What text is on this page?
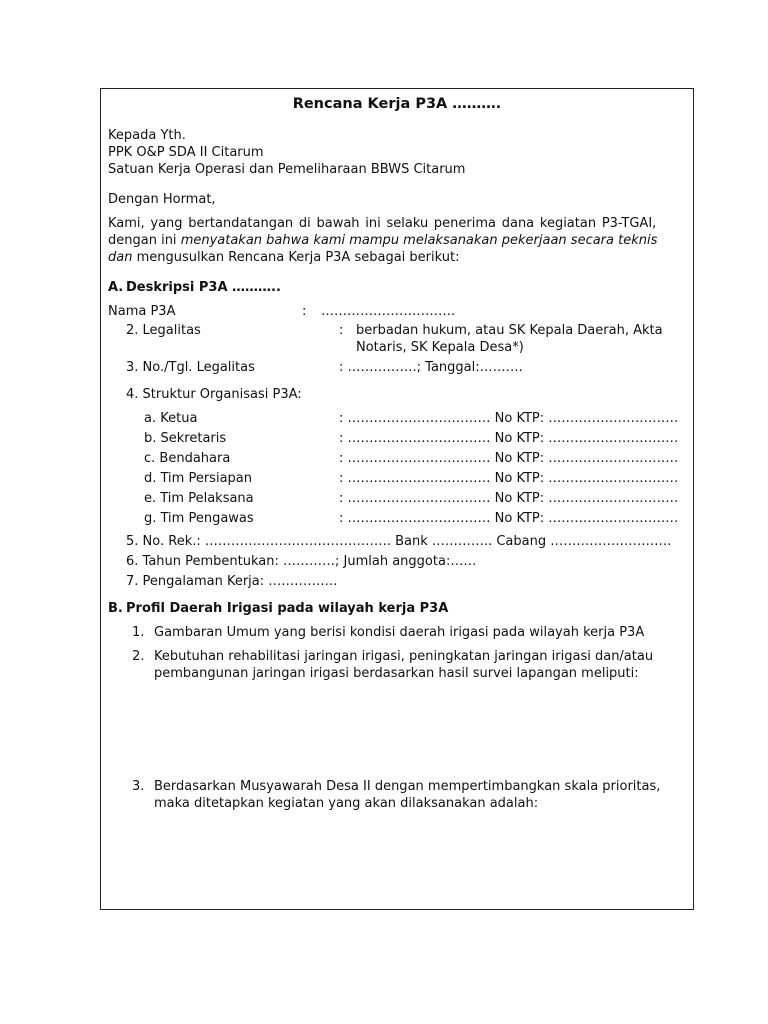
Rencana Kerja P3A ……….
Kepada Yth.
PPK O&P SDA II Citarum
Satuan Kerja Operasi dan Pemeliharaan BBWS Citarum
Dengan Hormat,
Kami, yang bertandatangan di bawah ini selaku penerima dana kegiatan P3-TGAI,
dengan ini menyatakan bahwa kami mampu melaksanakan pekerjaan secara teknis
dan mengusulkan Rencana Kerja P3A sebagai berikut:
A. Deskripsi P3A ………..
Nama P3A	: ………………………….
2. Legalitas	: berbadan hukum, atau SK Kepala Daerah, Akta
Notaris, SK Kepala Desa*)
3. No./Tgl. Legalitas	: …………….; Tanggal:……….
4. Struktur Organisasi P3A:
a. Ketua	: …………………………… No KTP: …………………………
b. Sekretaris	: …………………………… No KTP: …………………………
c. Bendahara	: …………………………… No KTP: …………………………
d. Tim Persiapan	: …………………………… No KTP: …………………………
e. Tim Pelaksana	: …………………………… No KTP: …………………………
g. Tim Pengawas	: …………………………… No KTP: …………………………
5. No. Rek.: ……………………………………. Bank ………….. Cabang ……………………….
6. Tahun Pembentukan: …………; Jumlah anggota:……
7. Pengalaman Kerja: …………….
B. Profil Daerah Irigasi pada wilayah kerja P3A
1. Gambaran Umum yang berisi kondisi daerah irigasi pada wilayah kerja P3A
2. Kebutuhan rehabilitasi jaringan irigasi, peningkatan jaringan irigasi dan/atau
pembangunan jaringan irigasi berdasarkan hasil survei lapangan meliputi:
3. Berdasarkan Musyawarah Desa II dengan mempertimbangkan skala prioritas,
maka ditetapkan kegiatan yang akan dilaksanakan adalah:
